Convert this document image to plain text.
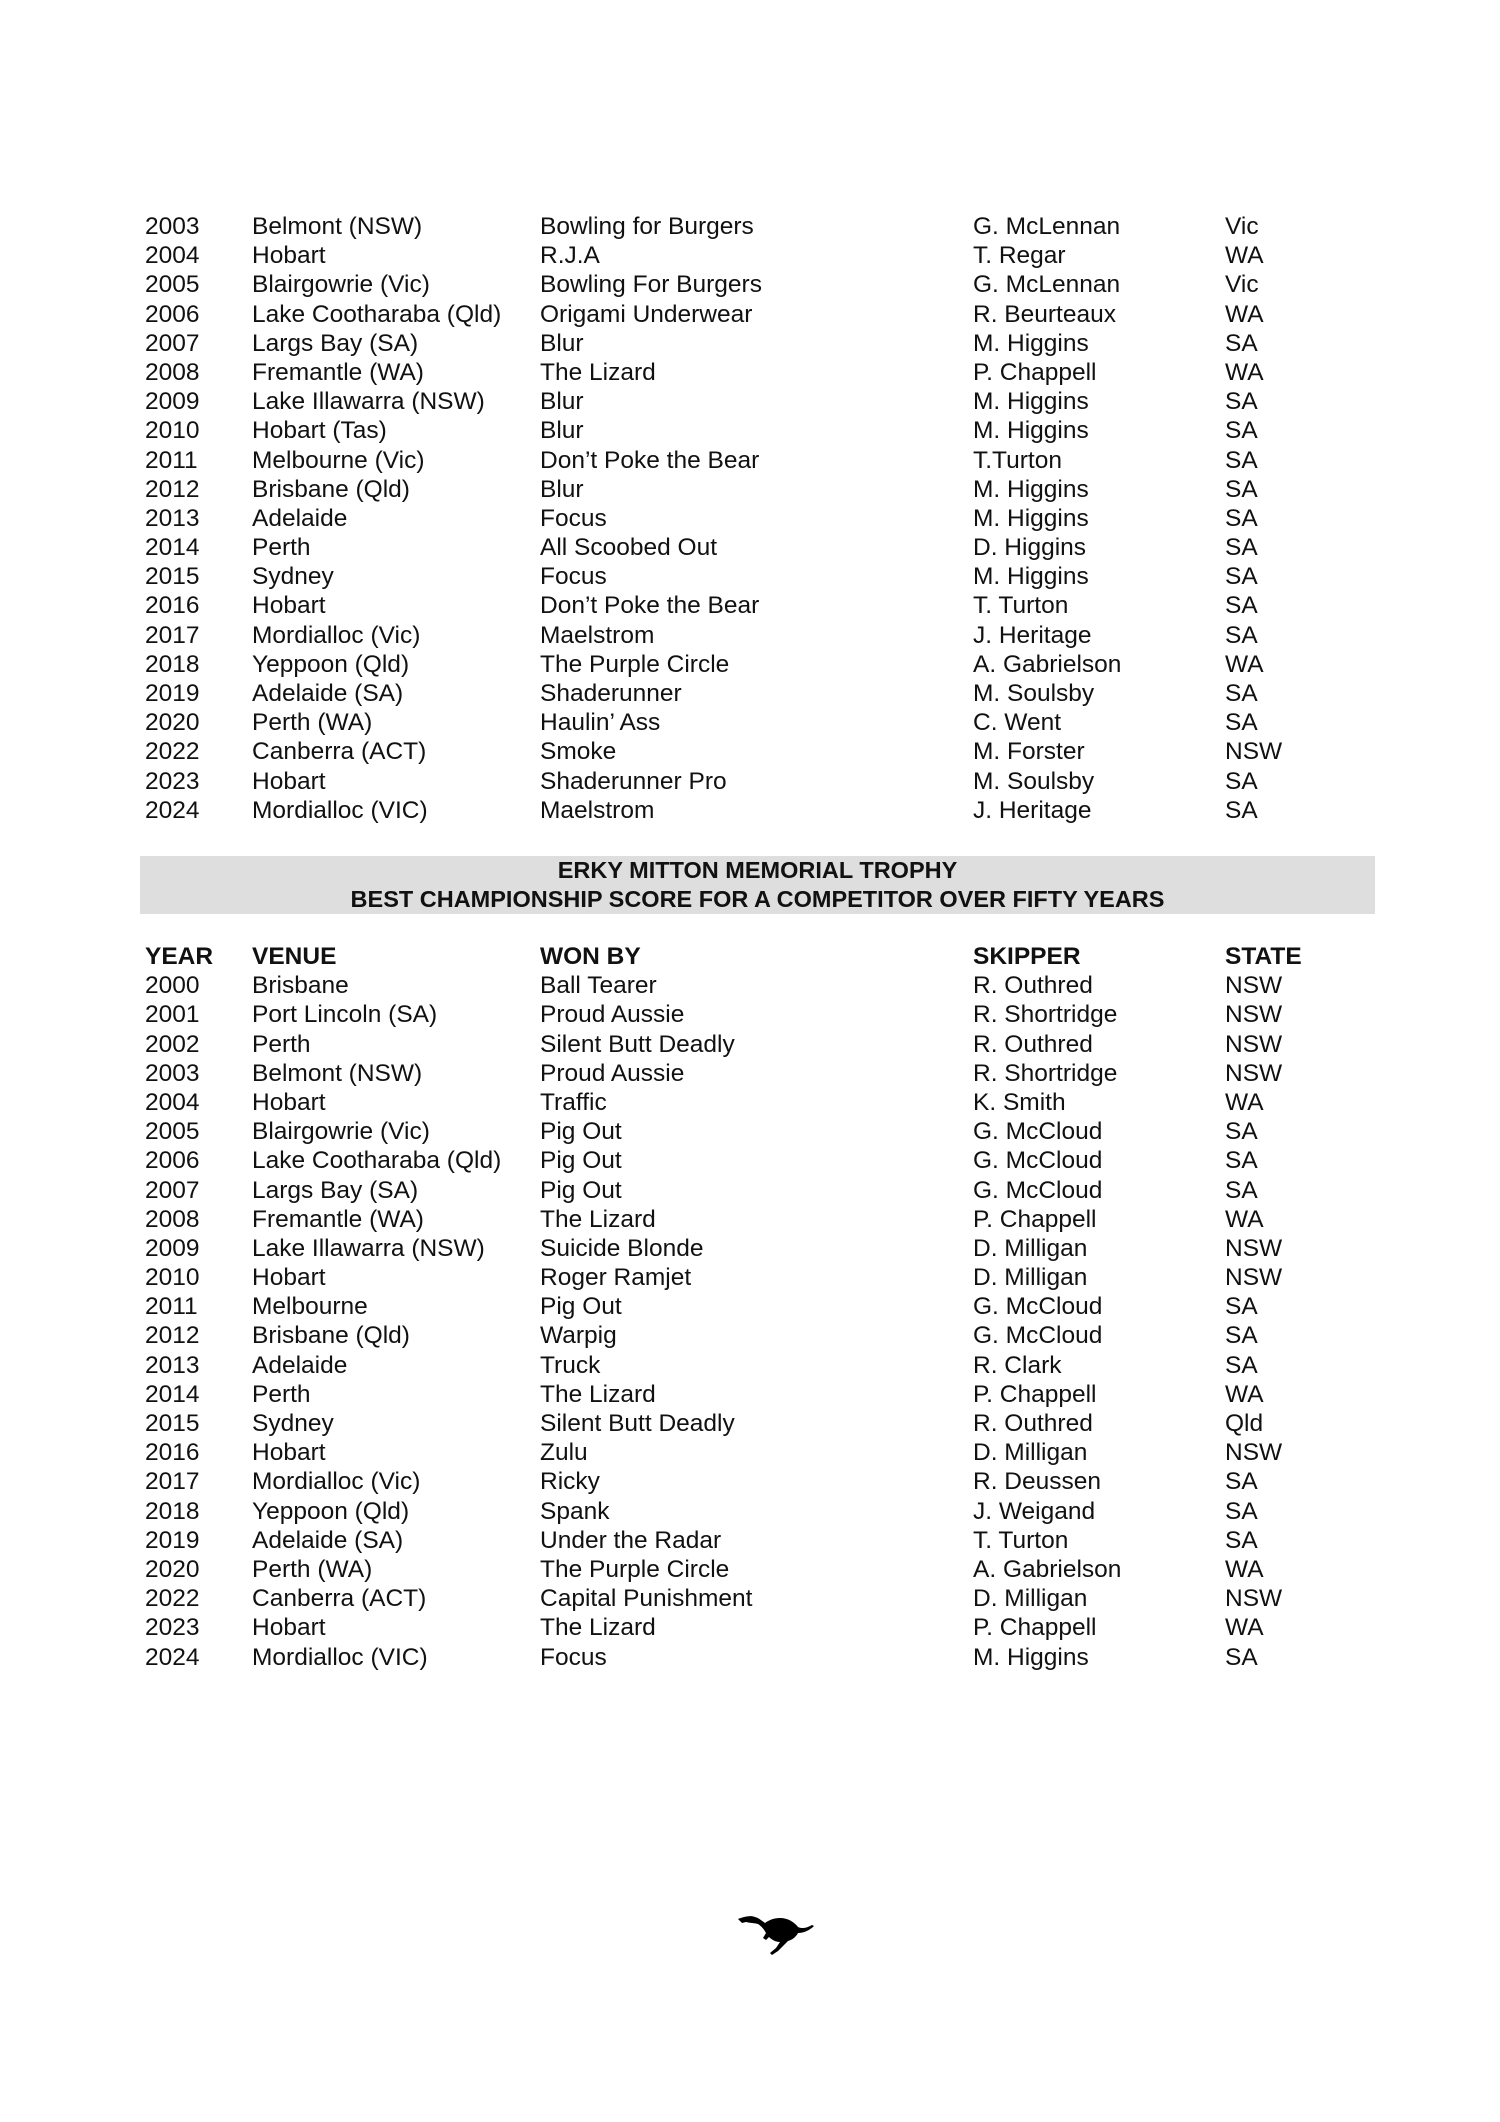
2003	Belmont (NSW)	Bowling for Burgers	G. McLennan	Vic
2004	Hobart	R.J.A	T. Regar	WA
2005	Blairgowrie (Vic)	Bowling For Burgers	G. McLennan	Vic
2006	Lake Cootharaba (Qld)	Origami Underwear	R. Beurteaux	WA
2007	Largs Bay (SA)	Blur	M. Higgins	SA
2008	Fremantle (WA)	The Lizard	P. Chappell	WA
2009	Lake Illawarra (NSW)	Blur	M. Higgins	SA
2010	Hobart (Tas)	Blur	M. Higgins	SA
2011	Melbourne (Vic)	Don’t Poke the Bear	T.Turton	SA
2012	Brisbane (Qld)	Blur	M. Higgins	SA
2013	Adelaide	Focus	M. Higgins	SA
2014	Perth	All Scoobed Out	D. Higgins	SA
2015	Sydney	Focus	M. Higgins	SA
2016	Hobart	Don’t Poke the Bear	T. Turton	SA
2017	Mordialloc (Vic)	Maelstrom	J. Heritage	SA
2018	Yeppoon (Qld)	The Purple Circle	A. Gabrielson	WA
2019	Adelaide (SA)	Shaderunner	M. Soulsby	SA
2020	Perth (WA)	Haulin’ Ass	C. Went	SA
2022	Canberra (ACT)	Smoke	M. Forster	NSW
2023	Hobart	Shaderunner Pro	M. Soulsby	SA
2024	Mordialloc (VIC)	Maelstrom	J. Heritage	SA
ERKY MITTON MEMORIAL TROPHY
BEST CHAMPIONSHIP SCORE FOR A COMPETITOR OVER FIFTY YEARS
YEAR	VENUE	WON BY	SKIPPER	STATE
2000	Brisbane	Ball Tearer	R. Outhred	NSW
2001	Port Lincoln (SA)	Proud Aussie	R. Shortridge	NSW
2002	Perth	Silent Butt Deadly	R. Outhred	NSW
2003	Belmont (NSW)	Proud Aussie	R. Shortridge	NSW
2004	Hobart	Traffic	K. Smith	WA
2005	Blairgowrie (Vic)	Pig Out	G. McCloud	SA
2006	Lake Cootharaba (Qld)	Pig Out	G. McCloud	SA
2007	Largs Bay (SA)	Pig Out	G. McCloud	SA
2008	Fremantle (WA)	The Lizard	P. Chappell	WA
2009	Lake Illawarra (NSW)	Suicide Blonde	D. Milligan	NSW
2010	Hobart	Roger Ramjet	D. Milligan	NSW
2011	Melbourne	Pig Out	G. McCloud	SA
2012	Brisbane (Qld)	Warpig	G. McCloud	SA
2013	Adelaide	Truck	R. Clark	SA
2014	Perth	The Lizard	P. Chappell	WA
2015	Sydney	Silent Butt Deadly	R. Outhred	Qld
2016	Hobart	Zulu	D. Milligan	NSW
2017	Mordialloc (Vic)	Ricky	R. Deussen	SA
2018	Yeppoon (Qld)	Spank	J. Weigand	SA
2019	Adelaide (SA)	Under the Radar	T. Turton	SA
2020	Perth (WA)	The Purple Circle	A. Gabrielson	WA
2022	Canberra (ACT)	Capital Punishment	D. Milligan	NSW
2023	Hobart	The Lizard	P. Chappell	WA
2024	Mordialloc (VIC)	Focus	M. Higgins	SA
